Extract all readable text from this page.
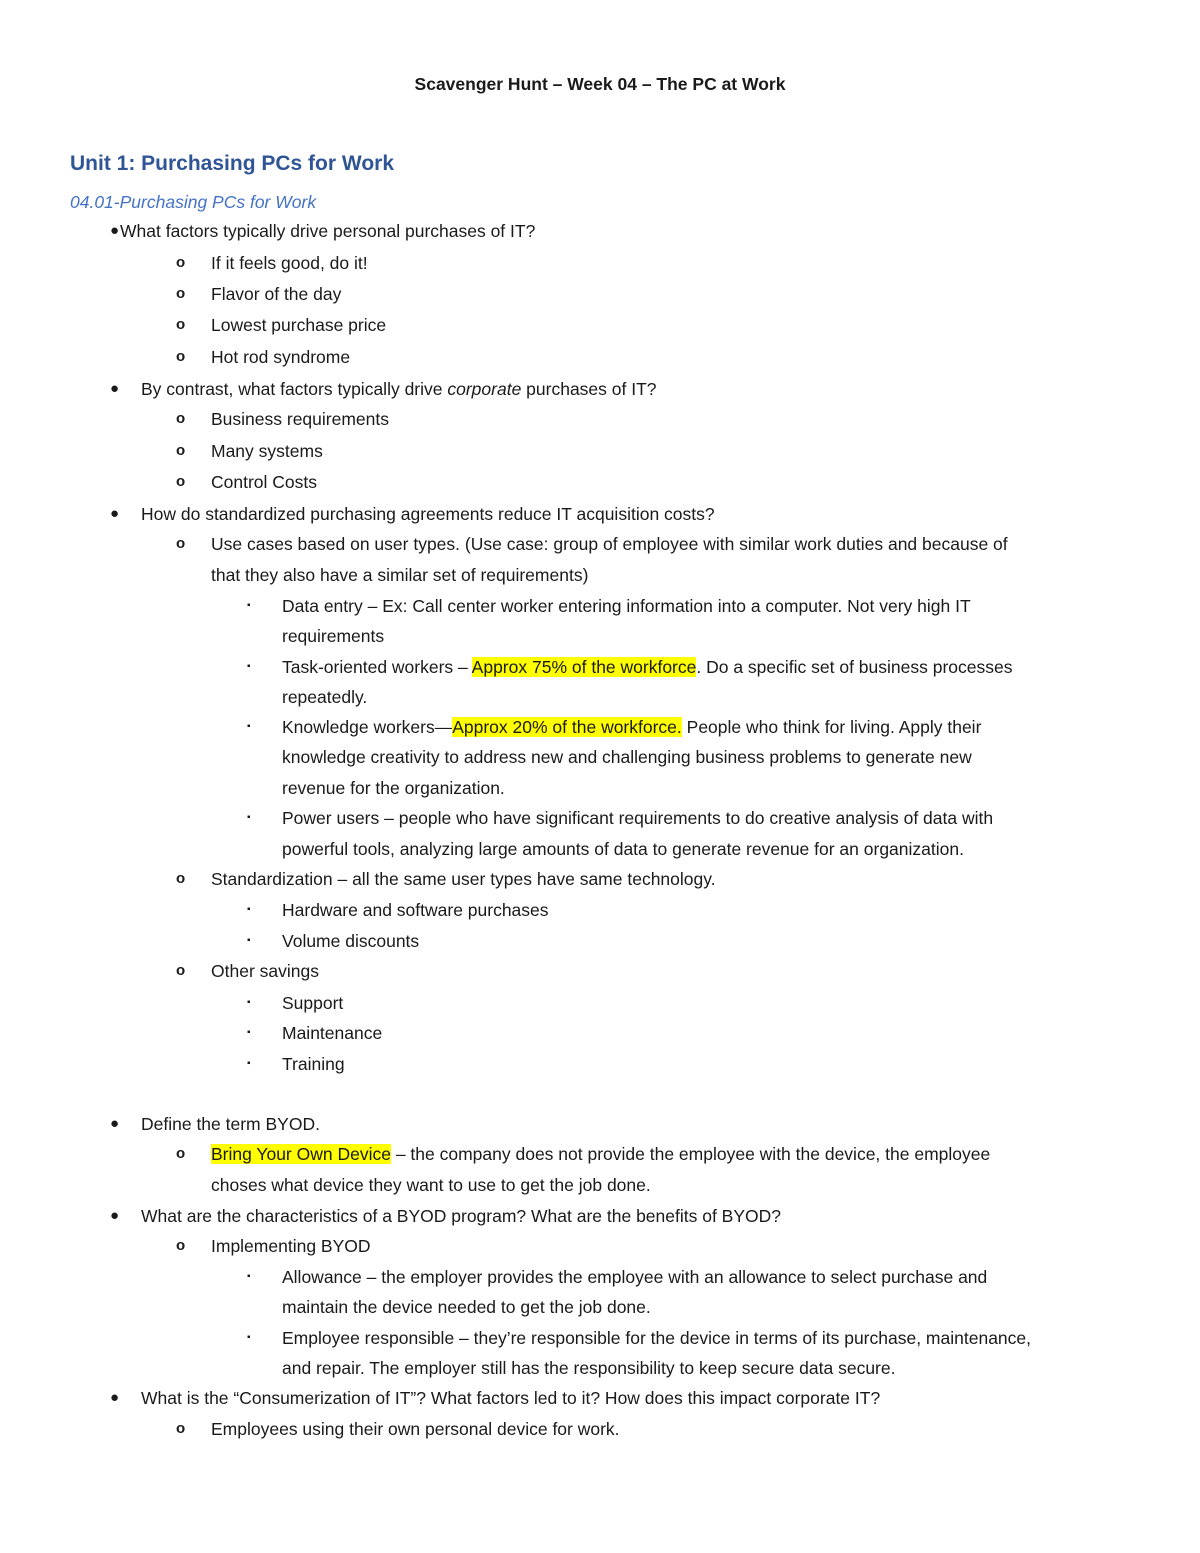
Scavenger Hunt – Week 04 – The PC at Work
Unit 1: Purchasing PCs for Work
04.01-Purchasing PCs for Work
● What factors typically drive personal purchases of IT?
o If it feels good, do it!
o Flavor of the day
o Lowest purchase price
o Hot rod syndrome
● By contrast, what factors typically drive corporate purchases of IT?
o Business requirements
o Many systems
o Control Costs
● How do standardized purchasing agreements reduce IT acquisition costs?
o Use cases based on user types. (Use case: group of employee with similar work duties and because of
that they also have a similar set of requirements)
▪ Data entry – Ex: Call center worker entering information into a computer. Not very high IT
requirements
▪ Task-oriented workers – Approx 75% of the workforce. Do a specific set of business processes
repeatedly.
▪ Knowledge workers—Approx 20% of the workforce. People who think for living. Apply their
knowledge creativity to address new and challenging business problems to generate new
revenue for the organization.
▪ Power users – people who have significant requirements to do creative analysis of data with
powerful tools, analyzing large amounts of data to generate revenue for an organization.
o Standardization – all the same user types have same technology.
▪ Hardware and software purchases
▪ Volume discounts
o Other savings
▪ Support
▪ Maintenance
▪ Training
● Define the term BYOD.
o Bring Your Own Device – the company does not provide the employee with the device, the employee
choses what device they want to use to get the job done.
● What are the characteristics of a BYOD program? What are the benefits of BYOD?
o Implementing BYOD
▪ Allowance – the employer provides the employee with an allowance to select purchase and
maintain the device needed to get the job done.
▪ Employee responsible – they’re responsible for the device in terms of its purchase, maintenance,
and repair. The employer still has the responsibility to keep secure data secure.
● What is the “Consumerization of IT”? What factors led to it? How does this impact corporate IT?
o Employees using their own personal device for work.
